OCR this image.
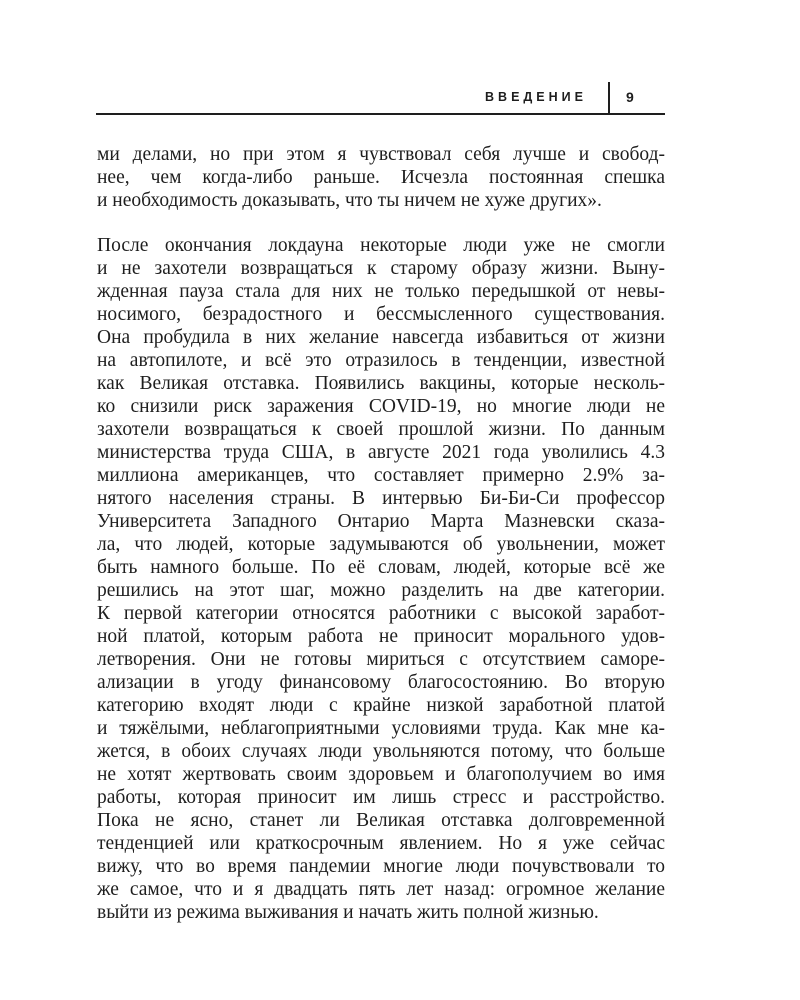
ВВЕДЕНИЕ	9
ми делами, но при этом я чувствовал себя лучше и свобод-
нее, чем когда-либо раньше. Исчезла постоянная спешка
и необходимость доказывать, что ты ничем не хуже других».
После окончания локдауна некоторые люди уже не смогли
и не захотели возвращаться к старому образу жизни. Выну-
жденная пауза стала для них не только передышкой от невы-
носимого, безрадостного и бессмысленного существования.
Она пробудила в них желание навсегда избавиться от жизни
на автопилоте, и всё это отразилось в тенденции, известной
как Великая отставка. Появились вакцины, которые несколь-
ко снизили риск заражения COVID-19, но многие люди не
захотели возвращаться к своей прошлой жизни. По данным
министерства труда США, в августе 2021 года уволились 4.3
миллиона американцев, что составляет примерно 2.9% за-
нятого населения страны. В интервью Би-Би-Си профессор
Университета Западного Онтарио Марта Мазневски сказа-
ла, что людей, которые задумываются об увольнении, может
быть намного больше. По её словам, людей, которые всё же
решились на этот шаг, можно разделить на две категории.
К первой категории относятся работники с высокой заработ-
ной платой, которым работа не приносит морального удов-
летворения. Они не готовы мириться с отсутствием саморе-
ализации в угоду финансовому благосостоянию. Во вторую
категорию входят люди с крайне низкой заработной платой
и тяжёлыми, неблагоприятными условиями труда. Как мне ка-
жется, в обоих случаях люди увольняются потому, что больше
не хотят жертвовать своим здоровьем и благополучием во имя
работы, которая приносит им лишь стресс и расстройство.
Пока не ясно, станет ли Великая отставка долговременной
тенденцией или краткосрочным явлением. Но я уже сейчас
вижу, что во время пандемии многие люди почувствовали то
же самое, что и я двадцать пять лет назад: огромное желание
выйти из режима выживания и начать жить полной жизнью.
